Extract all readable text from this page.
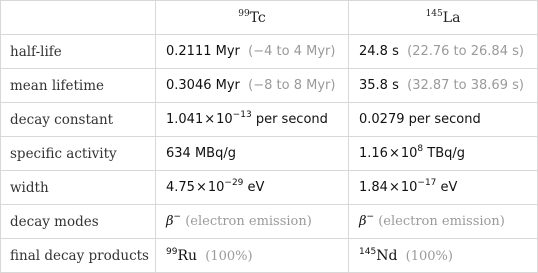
	$^{99}$Tc	$^{145}$La
half-life	0.2111 Myr (−4 to 4 Myr)	24.8 s (22.76 to 26.84 s)
mean lifetime	0.3046 Myr (−8 to 8 Myr)	35.8 s (32.87 to 38.69 s)
decay constant	$1.041\times 10^{-13}$ per second	0.0279 per second
specific activity	634 MBq/g	$1.16\times 10^8$ TBq/g
width	$4.75\times 10^{-29}$ eV	$1.84\times 10^{-17}$ eV
decay modes	β− (electron emission)	β− (electron emission)
final decay products	$^{99}$Ru (100%)	$^{145}$Nd (100%)
